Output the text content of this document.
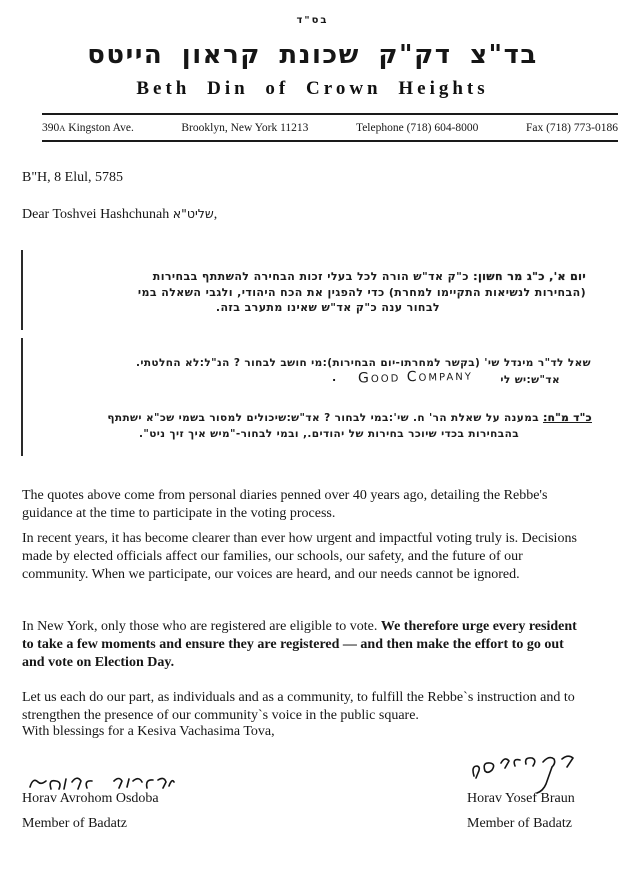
בס"ד
בד"צ דק"ק שכונת קראון הייטס
Beth Din of Crown Heights
390A Kingston Ave.	Brooklyn, New York 11213	Telephone (718) 604-8000	Fax (718) 773-0186
B"H, 8 Elul, 5785
Dear Toshvei Hashchunah שליט"א,
יום א', כ"ג מר חשון: כ"ק אד"ש הורה לכל בעלי זכות הבחירה להשתתף בבחירות
(הבחירות לנשיאות התקיימו למחרת) כדי להפגין את הכח היהודי, ולגבי השאלה במי
לבחור ענה כ"ק אד"ש שאינו מתערב בזה.
שאל לד"ר מינדל שי' (בקשר למחרתו-יום הבחירות):מי חושב לבחור ? הנ"ל:לא החלטתי.
אד"ש:יש לי
Good Company
.
כ"ד מ"ח: במענה על שאלת הר' ח. שי':במי לבחור ? אד"ש:שיכולים למסור בשמי שכ"א ישתתף
בהבחירות בכדי שיוכר בחירות של יהודים., ובמי לבחור-"מיש איך זיך ניט".
The quotes above come from personal diaries penned over 40 years ago, detailing the Rebbe's guidance at the time to participate in the voting process.
In recent years, it has become clearer than ever how urgent and impactful voting truly is. Decisions made by elected officials affect our families, our schools, our safety, and the future of our community. When we participate, our voices are heard, and our needs cannot be ignored.
In New York, only those who are registered are eligible to vote. We therefore urge every resident to take a few moments and ensure they are registered — and then make the effort to go out and vote on Election Day.
Let us each do our part, as individuals and as a community, to fulfill the Rebbe`s instruction and to strengthen the presence of our community`s voice in the public square.
With blessings for a Kesiva Vachasima Tova,
Horav Avrohom Osdoba
Member of Badatz
Horav Yosef Braun
Member of Badatz
